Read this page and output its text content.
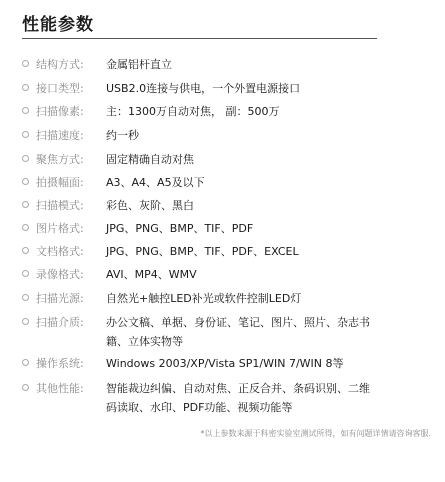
性能参数
结构方式: 金属铝杆直立
接口类型: USB2.0连接与供电，一个外置电源接口
扫描像素: 主：1300万自动对焦， 副：500万
扫描速度: 约一秒
聚焦方式: 固定精确自动对焦
拍摄幅面: A3、A4、A5及以下
扫描模式: 彩色、灰阶、黑白
图片格式: JPG、PNG、BMP、TIF、PDF
文档格式: JPG、PNG、BMP、TIF、PDF、EXCEL
录像格式: AVI、MP4、WMV
扫描光源: 自然光+触控LED补光或软件控制LED灯
扫描介质: 办公文稿、单据、身份证、笔记、图片、照片、杂志书籍、立体实物等
操作系统: Windows 2003/XP/Vista SP1/WIN 7/WIN 8等
其他性能: 智能裁边纠偏、自动对焦、正反合并、条码识别、二维码读取、水印、PDF功能、视频功能等
*以上参数来源于科密实验室测试所得，如有问题详情请咨询客服.
